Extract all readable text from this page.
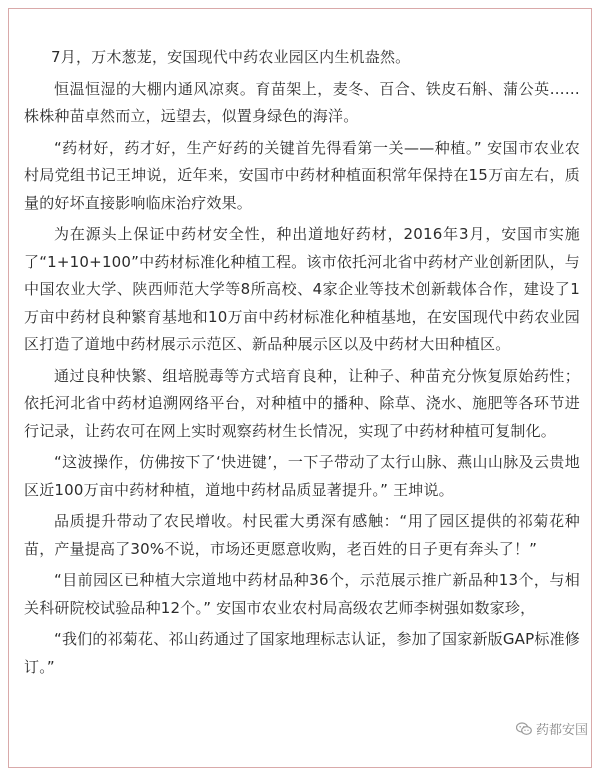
7月，万木葱茏，安国现代中药农业园区内生机盎然。

恒温恒湿的大棚内通风凉爽。育苗架上，麦冬、百合、铁皮石斛、蒲公英……株株种苗卓然而立，远望去，似置身绿色的海洋。

“药材好，药才好，生产好药的关键首先得看第一关——种植。” 安国市农业农村局党组书记王坤说，近年来，安国市中药材种植面积常年保持在15万亩左右，质量的好坏直接影响临床治疗效果。

为在源头上保证中药材安全性，种出道地好药材，2016年3月，安国市实施了“1+10+100”中药材标准化种植工程。该市依托河北省中药材产业创新团队，与中国农业大学、陕西师范大学等8所高校、4家企业等技术创新载体合作，建设了1万亩中药材良种繁育基地和10万亩中药材标准化种植基地，在安国现代中药农业园区打造了道地中药材展示示范区、新品种展示区以及中药材大田种植区。

通过良种快繁、组培脱毒等方式培育良种，让种子、种苗充分恢复原始药性；依托河北省中药材追溯网络平台，对种植中的播种、除草、浇水、施肥等各环节进行记录，让药农可在网上实时观察药材生长情况，实现了中药材种植可复制化。

“这波操作，仿佛按下了‘快进键’，一下子带动了太行山脉、燕山山脉及云贵地区近100万亩中药材种植，道地中药材品质显著提升。” 王坤说。

品质提升带动了农民增收。村民霍大勇深有感触：“用了园区提供的祁菊花种苗，产量提高了30%不说，市场还更愿意收购，老百姓的日子更有奔头了！”

“目前园区已种植大宗道地中药材品种36个，示范展示推广新品种13个，与相关科研院校试验品种12个。” 安国市农业农村局高级农艺师李树强如数家珍，

“我们的祁菊花、祁山药通过了国家地理标志认证，参加了国家新版GAP标准修订。”

药都安国
